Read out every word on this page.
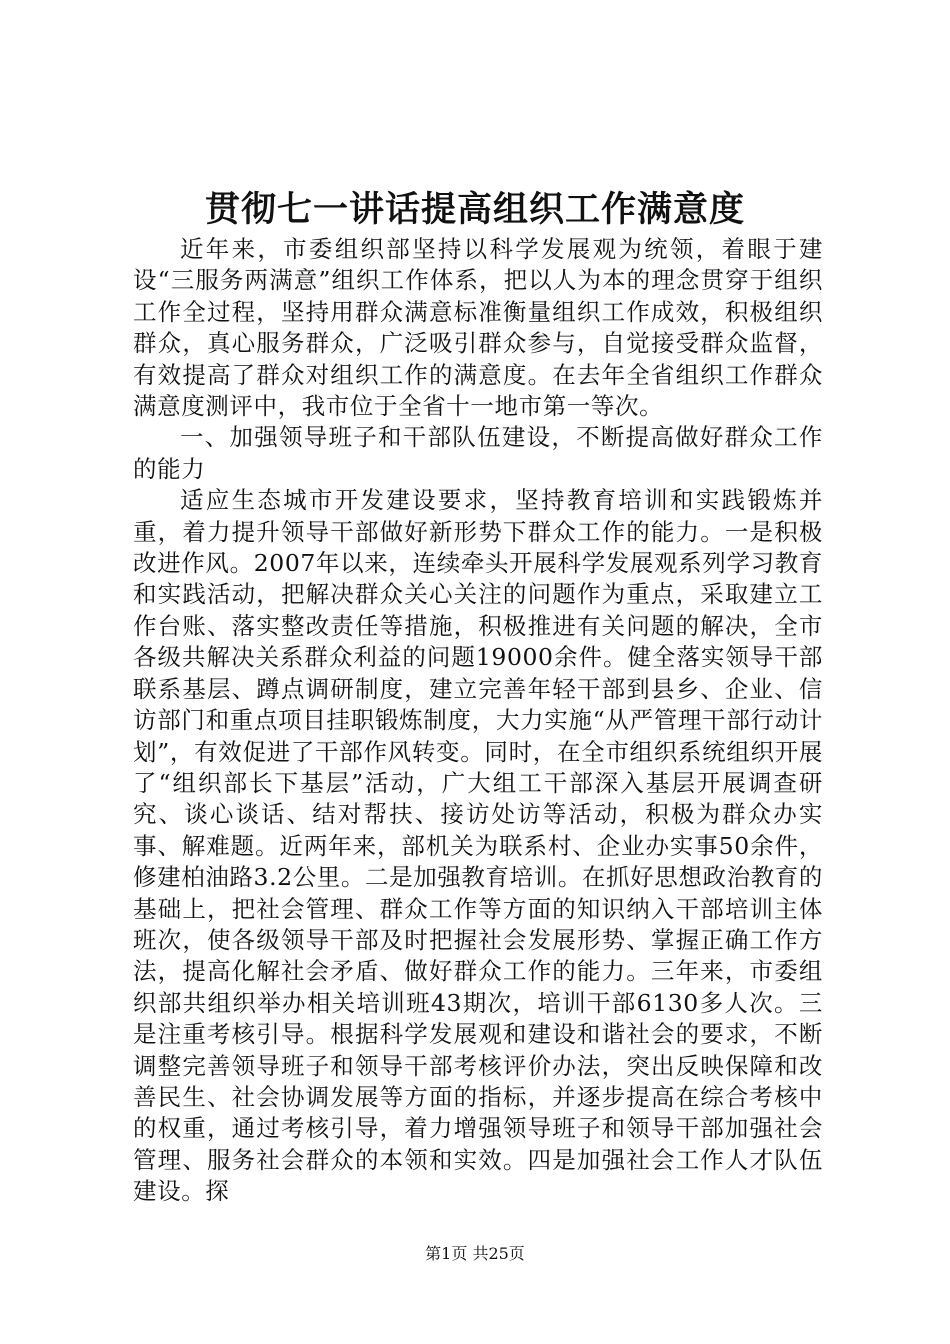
贯彻七一讲话提高组织工作满意度

近年来，市委组织部坚持以科学发展观为统领，着眼于建设“三服务两满意”组织工作体系，把以人为本的理念贯穿于组织工作全过程，坚持用群众满意标准衡量组织工作成效，积极组织群众，真心服务群众，广泛吸引群众参与，自觉接受群众监督，有效提高了群众对组织工作的满意度。在去年全省组织工作群众满意度测评中，我市位于全省十一地市第一等次。

一、加强领导班子和干部队伍建设，不断提高做好群众工作的能力

适应生态城市开发建设要求，坚持教育培训和实践锻炼并重，着力提升领导干部做好新形势下群众工作的能力。一是积极改进作风。2007年以来，连续牵头开展科学发展观系列学习教育和实践活动，把解决群众关心关注的问题作为重点，采取建立工作台账、落实整改责任等措施，积极推进有关问题的解决，全市各级共解决关系群众利益的问题19000余件。健全落实领导干部联系基层、蹲点调研制度，建立完善年轻干部到县乡、企业、信访部门和重点项目挂职锻炼制度，大力实施“从严管理干部行动计划”，有效促进了干部作风转变。同时，在全市组织系统组织开展了“组织部长下基层”活动，广大组工干部深入基层开展调查研究、谈心谈话、结对帮扶、接访处访等活动，积极为群众办实事、解难题。近两年来，部机关为联系村、企业办实事50余件，修建柏油路3.2公里。二是加强教育培训。在抓好思想政治教育的基础上，把社会管理、群众工作等方面的知识纳入干部培训主体班次，使各级领导干部及时把握社会发展形势、掌握正确工作方法，提高化解社会矛盾、做好群众工作的能力。三年来，市委组织部共组织举办相关培训班43期次，培训干部6130多人次。三是注重考核引导。根据科学发展观和建设和谐社会的要求，不断调整完善领导班子和领导干部考核评价办法，突出反映保障和改善民生、社会协调发展等方面的指标，并逐步提高在综合考核中的权重，通过考核引导，着力增强领导班子和领导干部加强社会管理、服务社会群众的本领和实效。四是加强社会工作人才队伍建设。探

第1页 共25页
